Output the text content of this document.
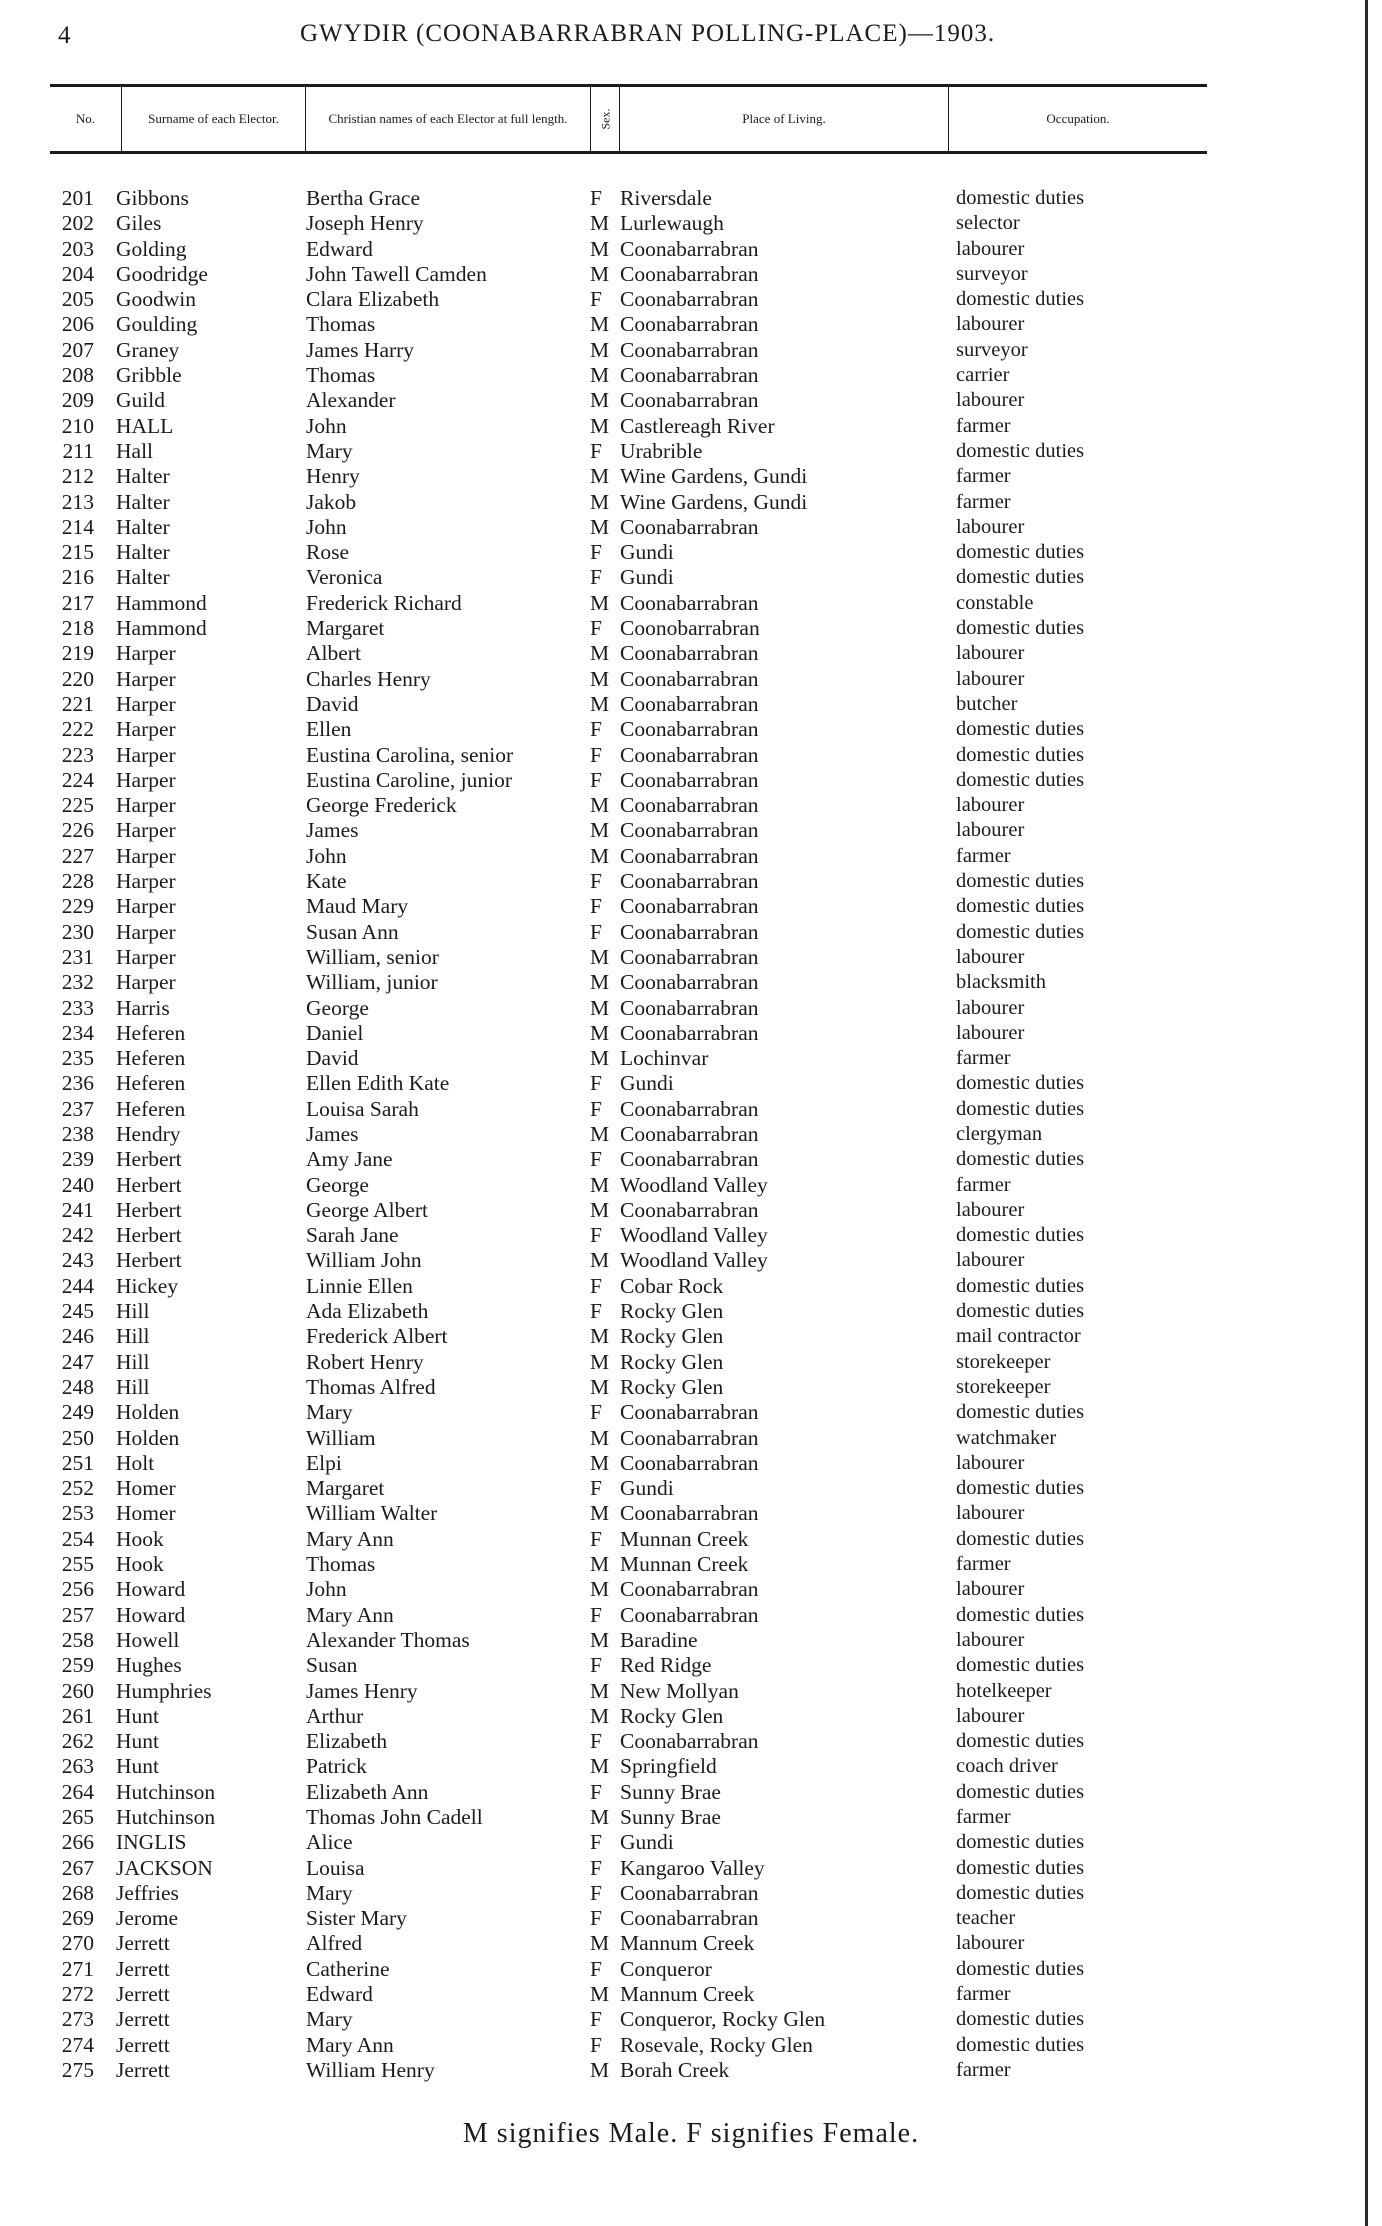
4	GWYDIR (COONABARRABRAN POLLING-PLACE)—1903.
No.	Surname of each Elector.	Christian names of each Elector at full length.	Sex.	Place of Living.	Occupation.
201 Gibbons	Bertha Grace	F Riversdale	domestic duties
202 Giles	Joseph Henry	M Lurlewaugh	selector
203 Golding	Edward	M Coonabarrabran	labourer
204 Goodridge	John Tawell Camden	M Coonabarrabran	surveyor
205 Goodwin	Clara Elizabeth	F Coonabarrabran	domestic duties
206 Goulding	Thomas	M Coonabarrabran	labourer
207 Graney	James Harry	M Coonabarrabran	surveyor
208 Gribble	Thomas	M Coonabarrabran	carrier
209 Guild	Alexander	M Coonabarrabran	labourer
210 HALL	John	M Castlereagh River	farmer
211 Hall	Mary	F Urabrible	domestic duties
212 Halter	Henry	M Wine Gardens, Gundi	farmer
213 Halter	Jakob	M Wine Gardens, Gundi	farmer
214 Halter	John	M Coonabarrabran	labourer
215 Halter	Rose	F Gundi	domestic duties
216 Halter	Veronica	F Gundi	domestic duties
217 Hammond	Frederick Richard	M Coonabarrabran	constable
218 Hammond	Margaret	F Coonobarrabran	domestic duties
219 Harper	Albert	M Coonabarrabran	labourer
220 Harper	Charles Henry	M Coonabarrabran	labourer
221 Harper	David	M Coonabarrabran	butcher
222 Harper	Ellen	F Coonabarrabran	domestic duties
223 Harper	Eustina Carolina, senior	F Coonabarrabran	domestic duties
224 Harper	Eustina Caroline, junior	F Coonabarrabran	domestic duties
225 Harper	George Frederick	M Coonabarrabran	labourer
226 Harper	James	M Coonabarrabran	labourer
227 Harper	John	M Coonabarrabran	farmer
228 Harper	Kate	F Coonabarrabran	domestic duties
229 Harper	Maud Mary	F Coonabarrabran	domestic duties
230 Harper	Susan Ann	F Coonabarrabran	domestic duties
231 Harper	William, senior	M Coonabarrabran	labourer
232 Harper	William, junior	M Coonabarrabran	blacksmith
233 Harris	George	M Coonabarrabran	labourer
234 Heferen	Daniel	M Coonabarrabran	labourer
235 Heferen	David	M Lochinvar	farmer
236 Heferen	Ellen Edith Kate	F Gundi	domestic duties
237 Heferen	Louisa Sarah	F Coonabarrabran	domestic duties
238 Hendry	James	M Coonabarrabran	clergyman
239 Herbert	Amy Jane	F Coonabarrabran	domestic duties
240 Herbert	George	M Woodland Valley	farmer
241 Herbert	George Albert	M Coonabarrabran	labourer
242 Herbert	Sarah Jane	F Woodland Valley	domestic duties
243 Herbert	William John	M Woodland Valley	labourer
244 Hickey	Linnie Ellen	F Cobar Rock	domestic duties
245 Hill	Ada Elizabeth	F Rocky Glen	domestic duties
246 Hill	Frederick Albert	M Rocky Glen	mail contractor
247 Hill	Robert Henry	M Rocky Glen	storekeeper
248 Hill	Thomas Alfred	M Rocky Glen	storekeeper
249 Holden	Mary	F Coonabarrabran	domestic duties
250 Holden	William	M Coonabarrabran	watchmaker
251 Holt	Elpi	M Coonabarrabran	labourer
252 Homer	Margaret	F Gundi	domestic duties
253 Homer	William Walter	M Coonabarrabran	labourer
254 Hook	Mary Ann	F Munnan Creek	domestic duties
255 Hook	Thomas	M Munnan Creek	farmer
256 Howard	John	M Coonabarrabran	labourer
257 Howard	Mary Ann	F Coonabarrabran	domestic duties
258 Howell	Alexander Thomas	M Baradine	labourer
259 Hughes	Susan	F Red Ridge	domestic duties
260 Humphries	James Henry	M New Mollyan	hotelkeeper
261 Hunt	Arthur	M Rocky Glen	labourer
262 Hunt	Elizabeth	F Coonabarrabran	domestic duties
263 Hunt	Patrick	M Springfield	coach driver
264 Hutchinson	Elizabeth Ann	F Sunny Brae	domestic duties
265 Hutchinson	Thomas John Cadell	M Sunny Brae	farmer
266 INGLIS	Alice	F Gundi	domestic duties
267 JACKSON	Louisa	F Kangaroo Valley	domestic duties
268 Jeffries	Mary	F Coonabarrabran	domestic duties
269 Jerome	Sister Mary	F Coonabarrabran	teacher
270 Jerrett	Alfred	M Mannum Creek	labourer
271 Jerrett	Catherine	F Conqueror	domestic duties
272 Jerrett	Edward	M Mannum Creek	farmer
273 Jerrett	Mary	F Conqueror, Rocky Glen	domestic duties
274 Jerrett	Mary Ann	F Rosevale, Rocky Glen	domestic duties
275 Jerrett	William Henry	M Borah Creek	farmer
M signifies Male. F signifies Female.
